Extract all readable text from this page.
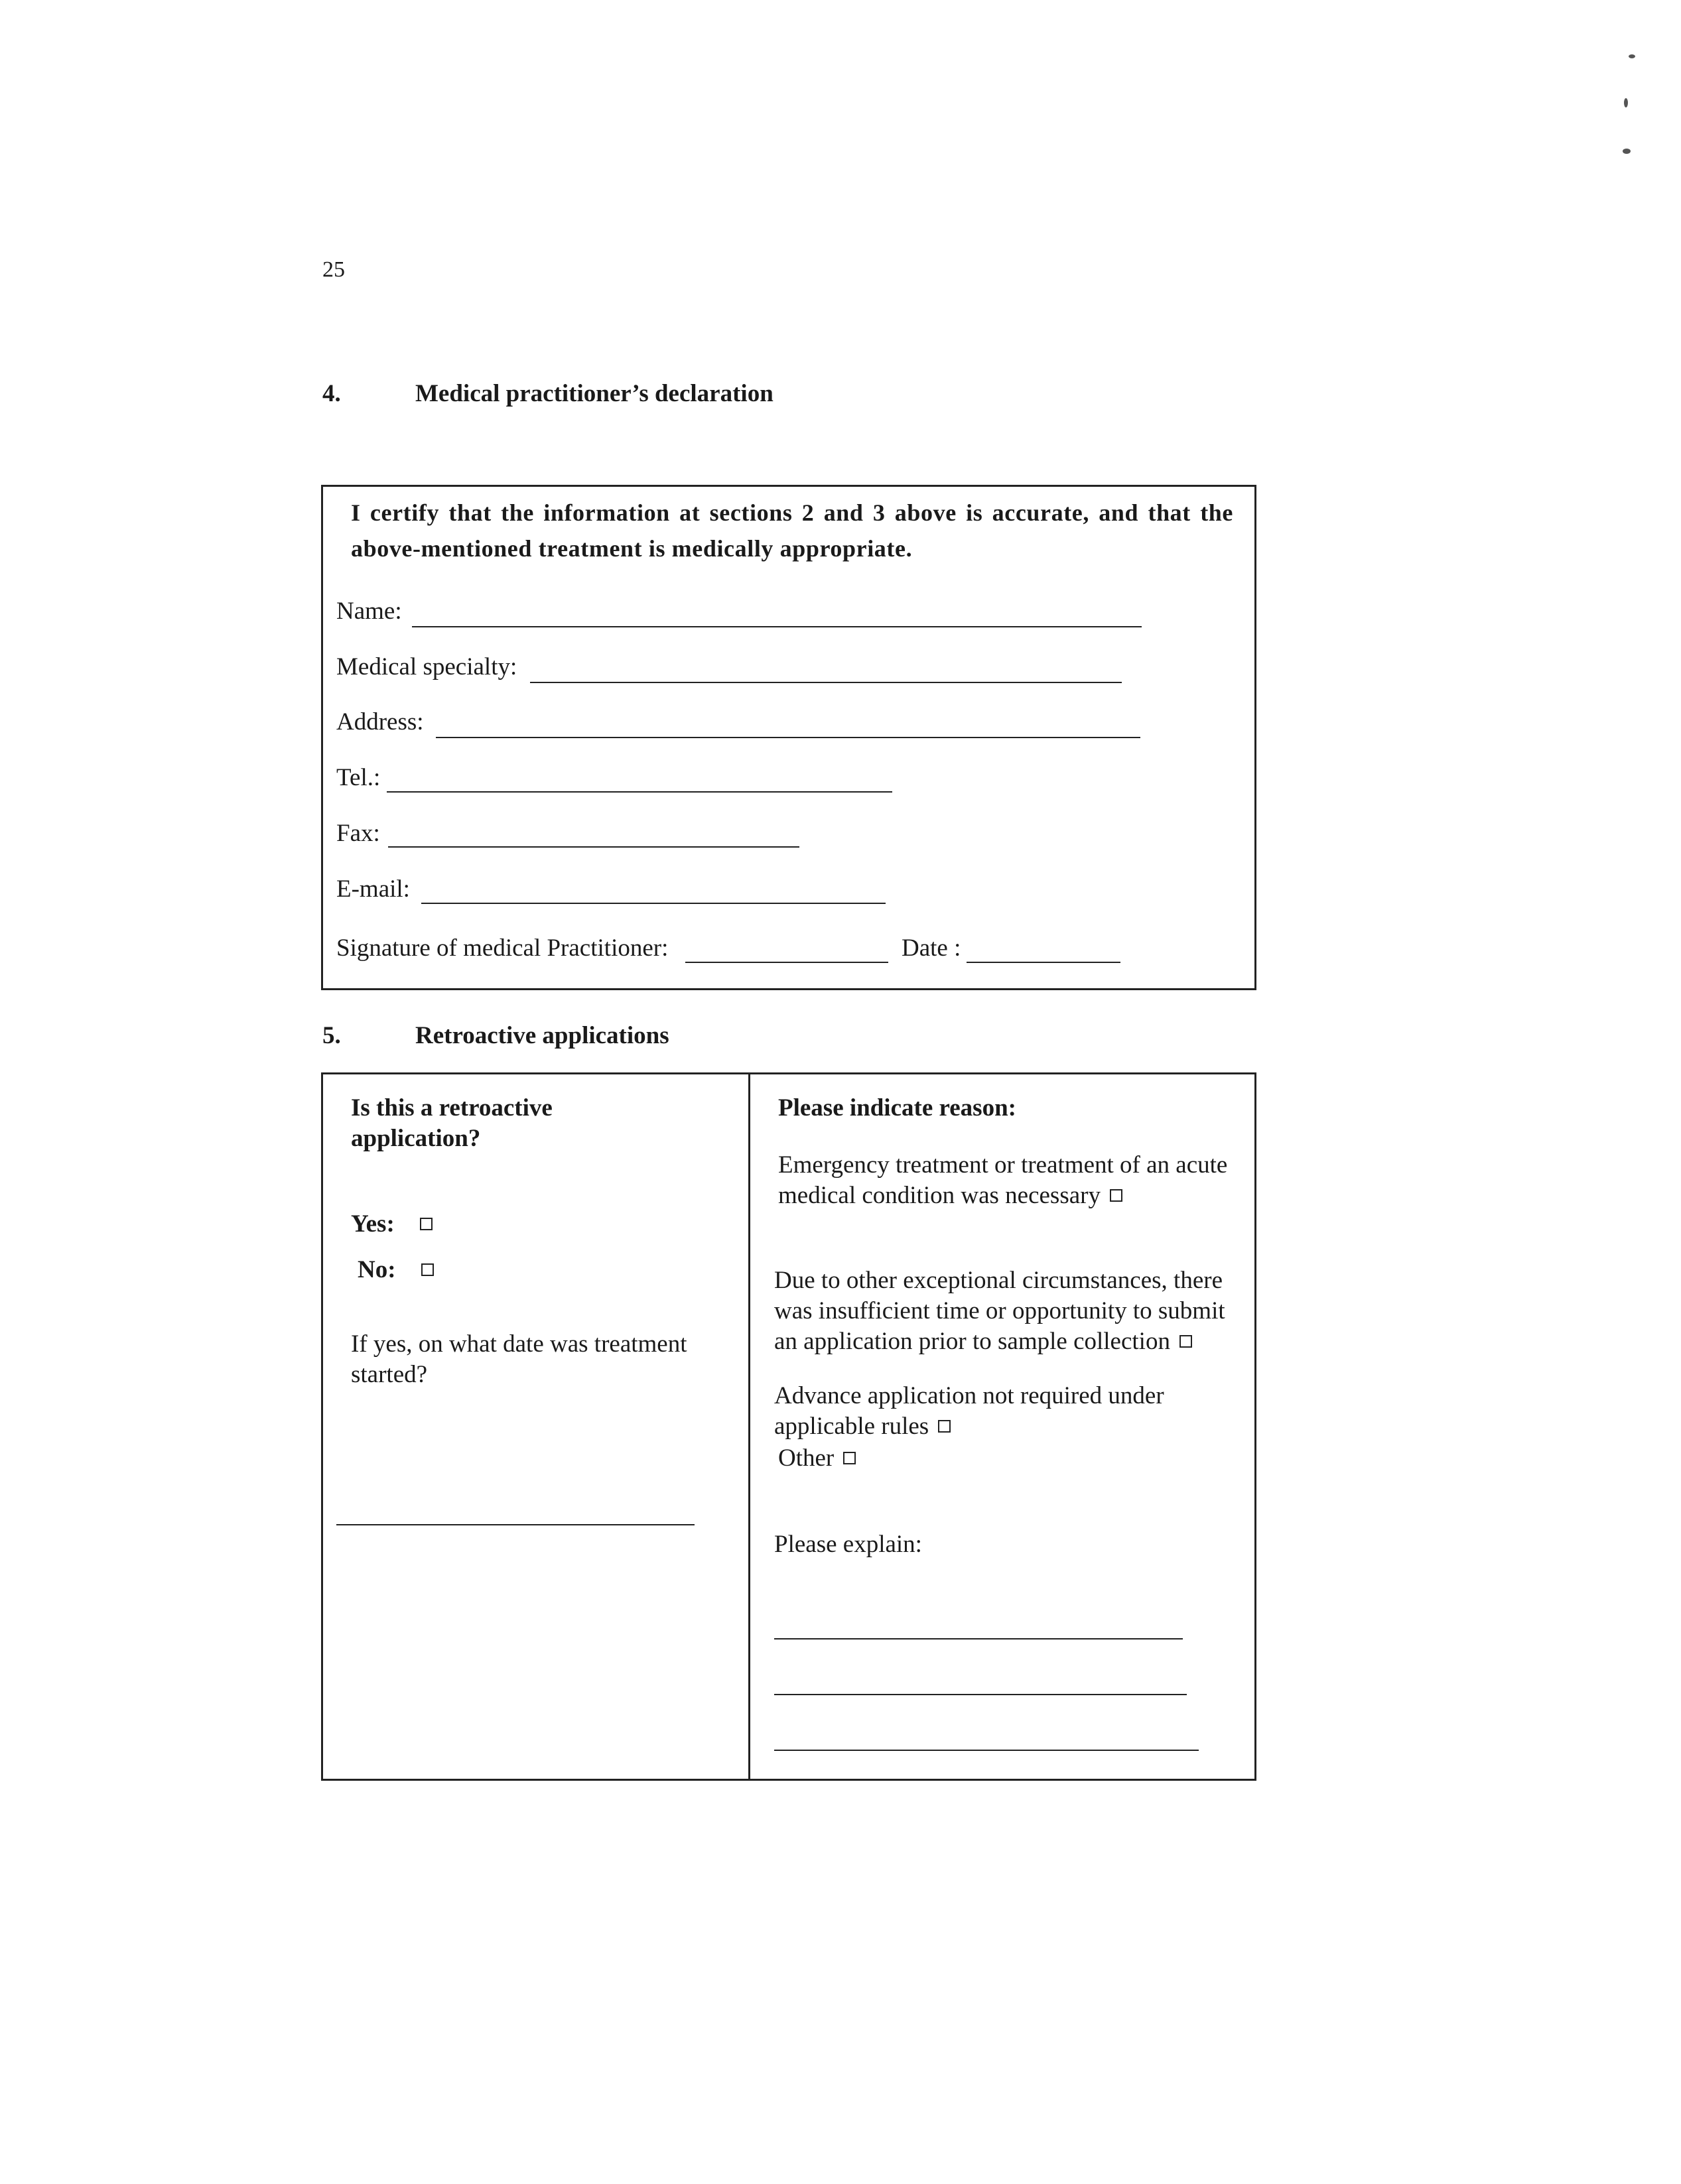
25
4.	Medical practitioner’s declaration
I certify that the information at sections 2 and 3 above is accurate, and that the above-mentioned treatment is medically appropriate.
Name:
Medical specialty:
Address:
Tel.:
Fax:
E-mail:
Signature of medical Practitioner:	Date :
5.	Retroactive applications
Is this a retroactive application?
Yes:
No:
If yes, on what date was treatment started?
Please indicate reason:
Emergency treatment or treatment of an acute medical condition was necessary
Due to other exceptional circumstances, there was insufficient time or opportunity to submit an application prior to sample collection
Advance application not required under applicable rules
Other
Please explain:
